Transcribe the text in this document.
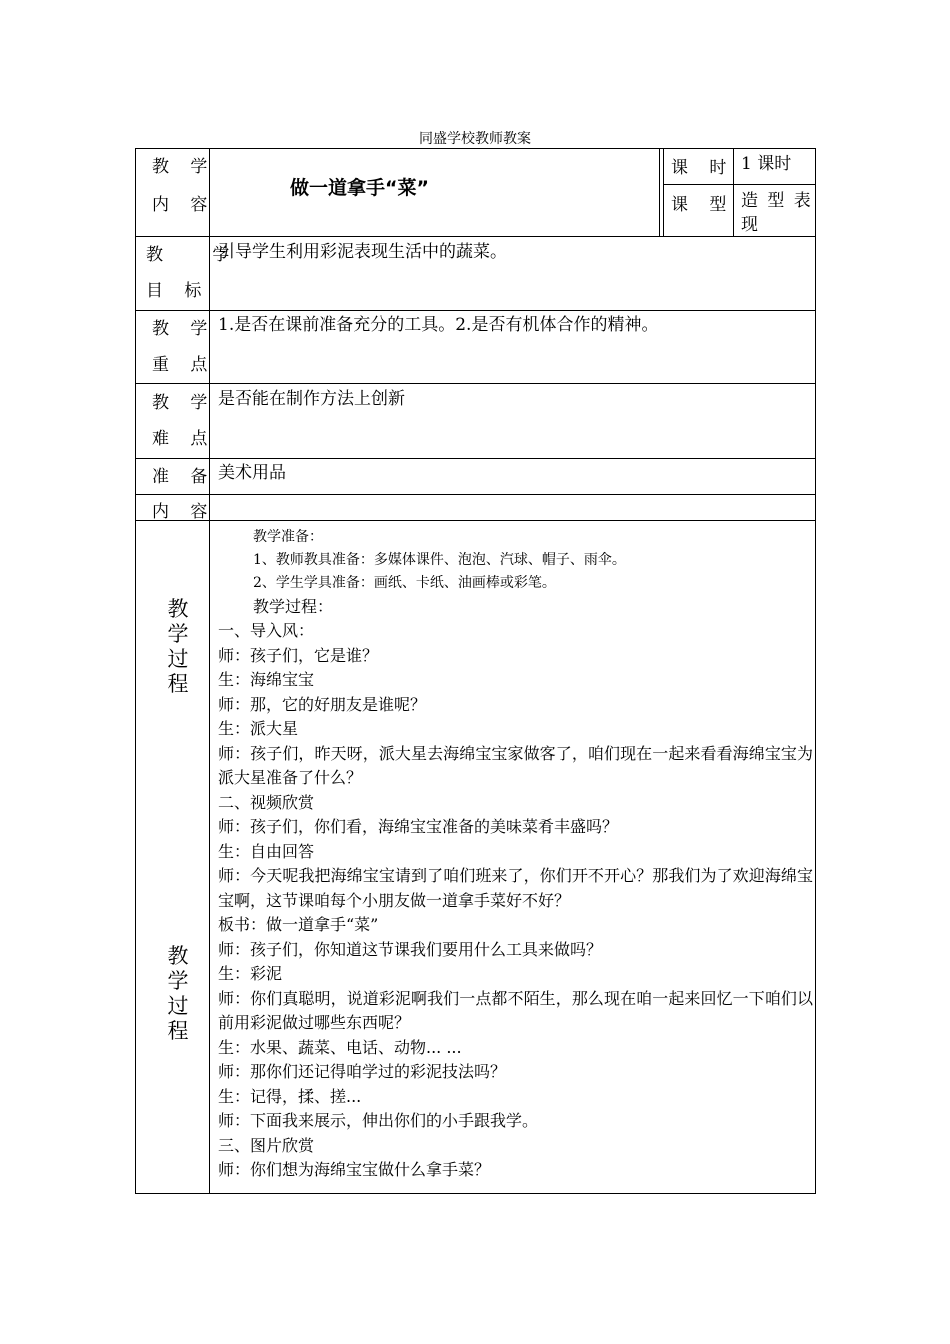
同盛学校教师教案
教 学
内 容
做一道拿手“菜”
课 时 1 课时
课 型 造 型 表
现
教 学
目 标
引导学生利用彩泥表现生活中的蔬菜。
教 学
重 点
1.是否在课前准备充分的工具。2.是否有机体合作的精神。
教 学
难 点
是否能在制作方法上创新
准 备 美术用品
内 容
教
学
过
程
教
学
过
程
教学准备：
1、教师教具准备：多媒体课件、泡泡、汽球、帽子、雨伞。
2、学生学具准备：画纸、卡纸、油画棒或彩笔。
教学过程：
一、导入风：
师：孩子们，它是谁？
生：海绵宝宝
师：那，它的好朋友是谁呢？
生：派大星
师：孩子们，昨天呀，派大星去海绵宝宝家做客了，咱们现在一起来看看海绵宝宝为派大星准备了什么？
二、视频欣赏
师：孩子们，你们看，海绵宝宝准备的美味菜肴丰盛吗？
生：自由回答
师：今天呢我把海绵宝宝请到了咱们班来了，你们开不开心？那我们为了欢迎海绵宝宝啊，这节课咱每个小朋友做一道拿手菜好不好？
板书：做一道拿手“菜”
师：孩子们，你知道这节课我们要用什么工具来做吗？
生：彩泥
师：你们真聪明，说道彩泥啊我们一点都不陌生，那么现在咱一起来回忆一下咱们以前用彩泥做过哪些东西呢？
生：水果、蔬菜、电话、动物... ...
师：那你们还记得咱学过的彩泥技法吗？
生：记得，揉、搓...
师：下面我来展示，伸出你们的小手跟我学。
三、图片欣赏
师：你们想为海绵宝宝做什么拿手菜？
